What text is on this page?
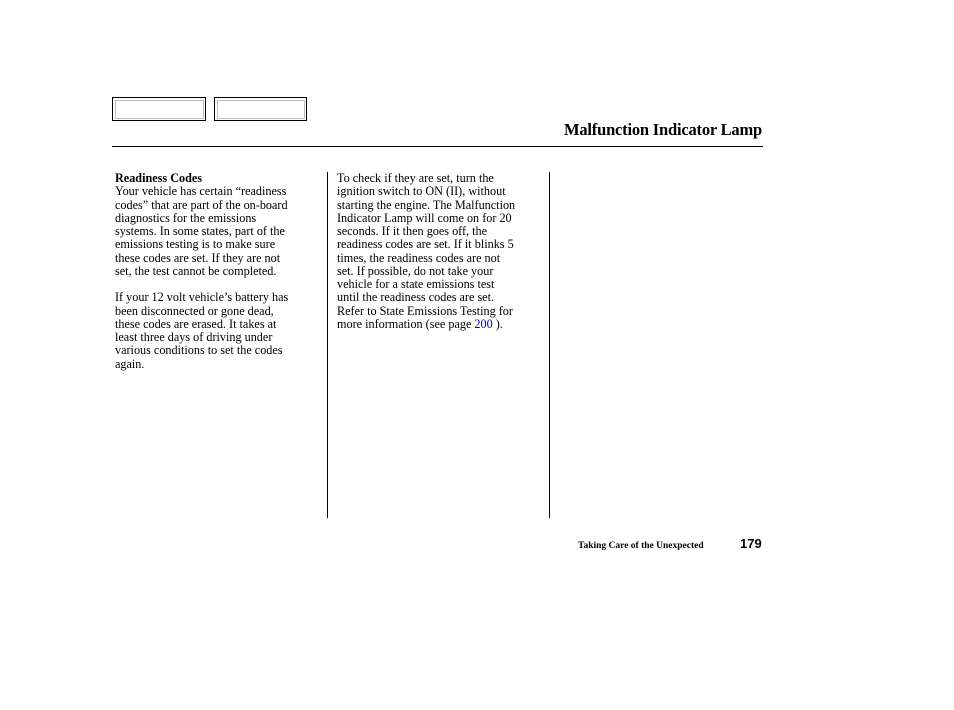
Malfunction Indicator Lamp
Readiness Codes
Your vehicle has certain “readiness
codes” that are part of the on-board
diagnostics for the emissions
systems. In some states, part of the
emissions testing is to make sure
these codes are set. If they are not
set, the test cannot be completed.
If your 12 volt vehicle’s battery has
been disconnected or gone dead,
these codes are erased. It takes at
least three days of driving under
various conditions to set the codes
again.
To check if they are set, turn the
ignition switch to ON (II), without
starting the engine. The Malfunction
Indicator Lamp will come on for 20
seconds. If it then goes off, the
readiness codes are set. If it blinks 5
times, the readiness codes are not
set. If possible, do not take your
vehicle for a state emissions test
until the readiness codes are set.
Refer to State Emissions Testing for
more information (see page 200 ).
Taking Care of the Unexpected	179
